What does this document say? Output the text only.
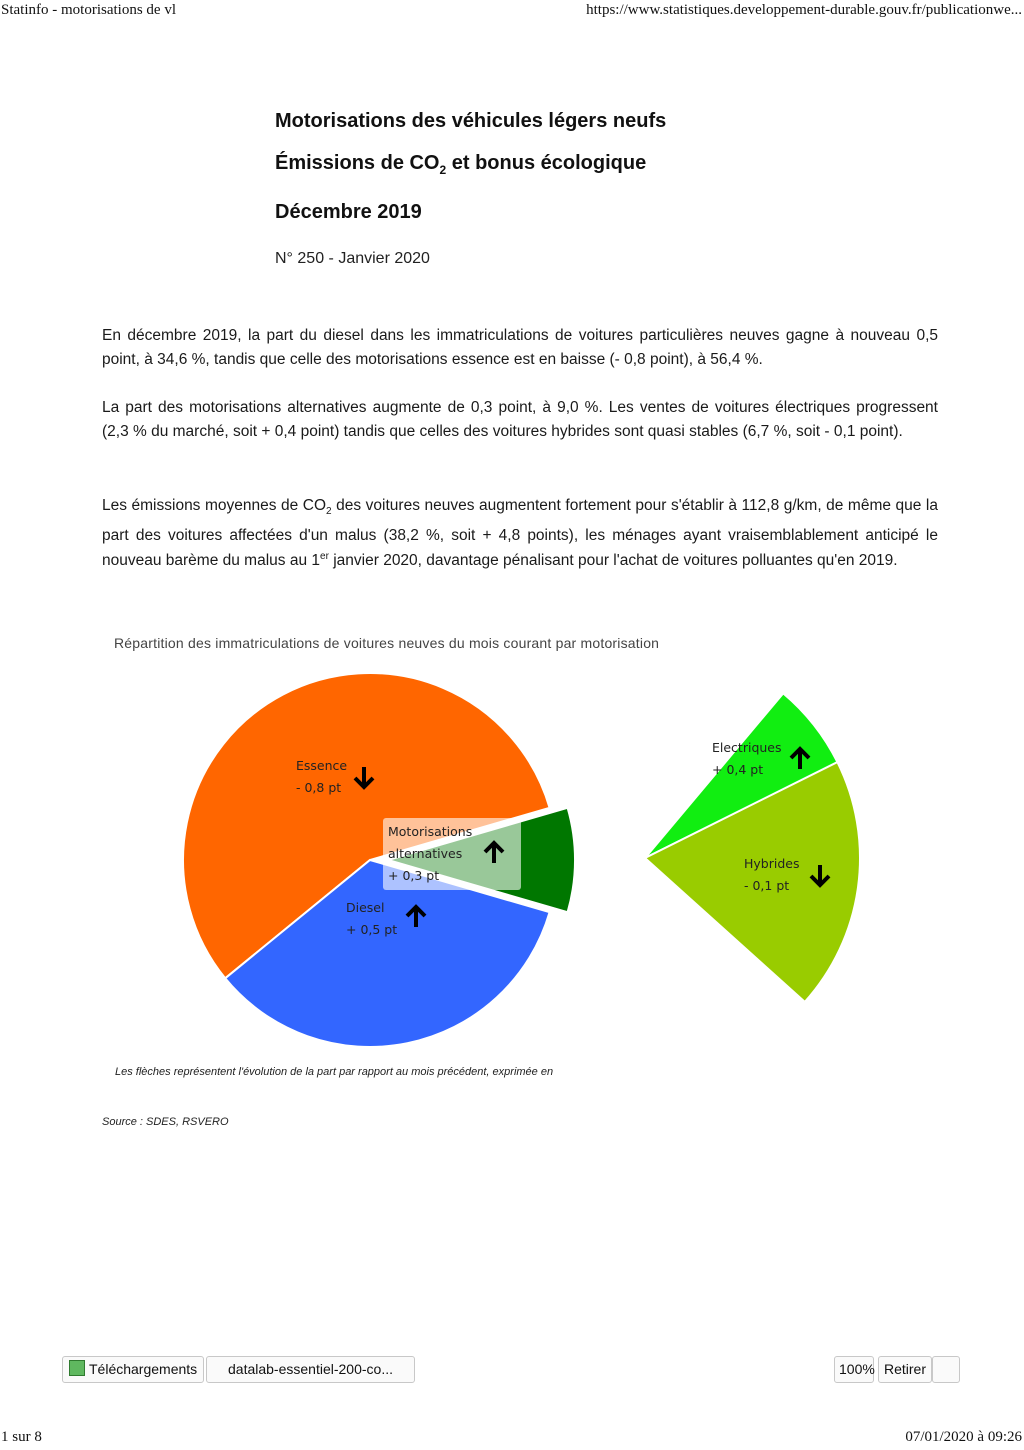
Statinfo - motorisations de vl	https://www.statistiques.developpement-durable.gouv.fr/publicationwe...
Motorisations des véhicules légers neufs
Émissions de $CO_2$ et bonus écologique
Décembre 2019
N° 250 - Janvier 2020

En décembre 2019, la part du diesel dans les immatriculations de voitures particulières neuves gagne à nouveau 0,5 point, à 34,6 %, tandis que celle des motorisations essence est en baisse (- 0,8 point), à 56,4 %.

La part des motorisations alternatives augmente de 0,3 point, à 9,0 %. Les ventes de voitures électriques progressent (2,3 % du marché, soit + 0,4 point) tandis que celles des voitures hybrides sont quasi stables (6,7 %, soit - 0,1 point).

Les émissions moyennes de $CO_2$ des voitures neuves augmentent fortement pour s'établir à 112,8 g/km, de même que la part des voitures affectées d'un malus (38,2 %, soit + 4,8 points), les ménages ayant vraisemblablement anticipé le nouveau barème du malus au 1er janvier 2020, davantage pénalisant pour l'achat de voitures polluantes qu'en 2019.

Répartition des immatriculations de voitures neuves du mois courant par motorisation
Essence
- 0,8 pt
Diesel
+ 0,5 pt
Motorisations
alternatives
+ 0,3 pt
Electriques
+ 0,4 pt
Hybrides
- 0,1 pt
Les flèches représentent l'évolution de la part par rapport au mois précédent, exprimée en
Source : SDES, RSVERO
Téléchargements	datalab-essentiel-200-co...	100% Retirer
1 sur 8	07/01/2020 à 09:26
